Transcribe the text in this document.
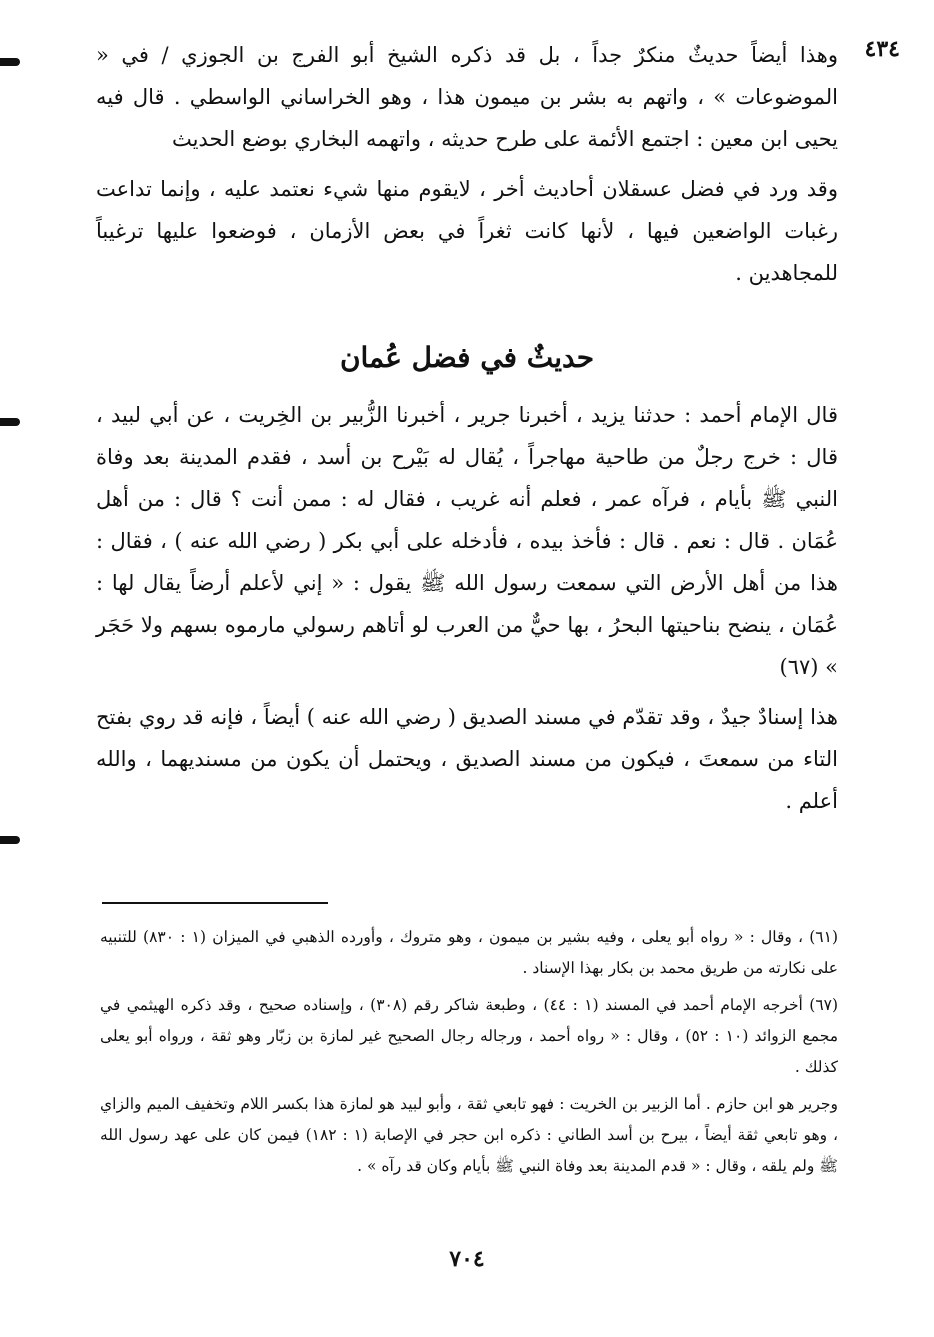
٤٣٤

وهذا أيضاً حديثٌ منكرٌ جداً ، بل قد ذكره الشيخ أبو الفرج بن الجوزي / في « الموضوعات » ، واتهم به بشر بن ميمون هذا ، وهو الخراساني الواسطي . قال فيه يحيى ابن معين : اجتمع الأئمة على طرح حديثه ، واتهمه البخاري بوضع الحديث

وقد ورد في فضل عسقلان أحاديث أخر ، لايقوم منها شيء نعتمد عليه ، وإنما تداعت رغبات الواضعين فيها ، لأنها كانت ثغراً في بعض الأزمان ، فوضعوا عليها ترغيباً للمجاهدين .

حديثٌ في فضل عُمان

قال الإمام أحمد : حدثنا يزيد ، أخبرنا جرير ، أخبرنا الزُّبير بن الخِريت ، عن أبي لبيد ، قال : خرج رجلٌ من طاحية مهاجراً ، يُقال له بَيْرح بن أسد ، فقدم المدينة بعد وفاة النبي ﷺ بأيام ، فرآه عمر ، فعلم أنه غريب ، فقال له : ممن أنت ؟ قال : من أهل عُمَان . قال : نعم . قال : فأخذ بيده ، فأدخله على أبي بكر ( رضي الله عنه ) ، فقال : هذا من أهل الأرض التي سمعت رسول الله ﷺ يقول : « إني لأعلم أرضاً يقال لها : عُمَان ، ينضح بناحيتها البحرُ ، بها حيٌّ من العرب لو أتاهم رسولي مارموه بسهم ولا حَجَر » (٦٧)

هذا إسنادٌ جيدٌ ، وقد تقدّم في مسند الصديق ( رضي الله عنه ) أيضاً ، فإنه قد روي بفتح التاء من سمعتَ ، فيكون من مسند الصديق ، ويحتمل أن يكون من مسنديهما ، والله أعلم .

(٦١) ، وقال : « رواه أبو يعلى ، وفيه بشير بن ميمون ، وهو متروك ، وأورده الذهبي في الميزان (١ : ٨٣٠) للتنبيه على نكارته من طريق محمد بن بكار بهذا الإسناد .

(٦٧) أخرجه الإمام أحمد في المسند (١ : ٤٤) ، وطبعة شاكر رقم (٣٠٨) ، وإسناده صحيح ، وقد ذكره الهيثمي في مجمع الزوائد (١٠ : ٥٢) ، وقال : « رواه أحمد ، ورجاله رجال الصحيح غير لمازة بن زبّار وهو ثقة ، ورواه أبو يعلى كذلك .

وجرير هو ابن حازم . أما الزبير بن الخريت : فهو تابعي ثقة ، وأبو لبيد هو لمازة هذا بكسر اللام وتخفيف الميم والزاي ، وهو تابعي ثقة أيضاً ، بيرح بن أسد الطاني : ذكره ابن حجر في الإصابة (١ : ١٨٢) فيمن كان على عهد رسول الله ﷺ ولم يلقه ، وقال : « قدم المدينة بعد وفاة النبي ﷺ بأيام وكان قد رآه » .

٧٠٤
